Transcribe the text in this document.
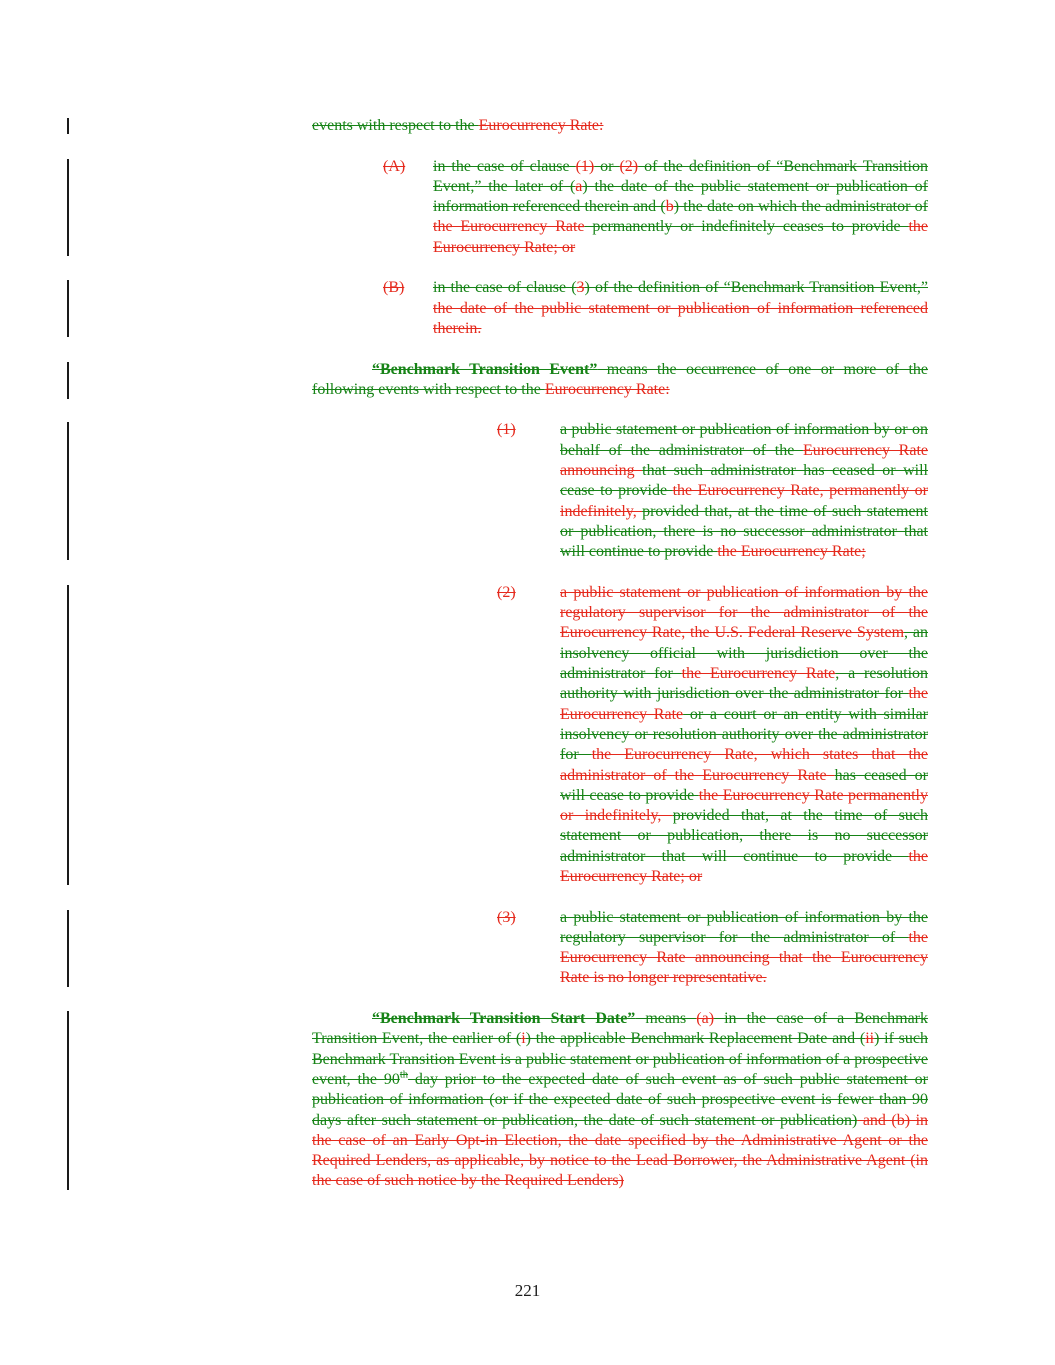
events with respect to the Eurocurrency Rate:

(A) in the case of clause (1) or (2) of the definition of “Benchmark Transition Event,” the later of (a) the date of the public statement or publication of information referenced therein and (b) the date on which the administrator of the Eurocurrency Rate permanently or indefinitely ceases to provide the Eurocurrency Rate; or

(B) in the case of clause (3) of the definition of “Benchmark Transition Event,” the date of the public statement or publication of information referenced therein.

“Benchmark Transition Event” means the occurrence of one or more of the following events with respect to the Eurocurrency Rate:

(1)	a public statement or publication of information by or on behalf of the administrator of the Eurocurrency Rate announcing that such administrator has ceased or will cease to provide the Eurocurrency Rate, permanently or indefinitely, provided that, at the time of such statement or publication, there is no successor administrator that will continue to provide the Eurocurrency Rate;

(2)	a public statement or publication of information by the regulatory supervisor for the administrator of the Eurocurrency Rate, the U.S. Federal Reserve System, an insolvency official with jurisdiction over the administrator for the Eurocurrency Rate, a resolution authority with jurisdiction over the administrator for the Eurocurrency Rate or a court or an entity with similar insolvency or resolution authority over the administrator for the Eurocurrency Rate, which states that the administrator of the Eurocurrency Rate has ceased or will cease to provide the Eurocurrency Rate permanently or indefinitely, provided that, at the time of such statement or publication, there is no successor administrator that will continue to provide the Eurocurrency Rate; or

(3)	a public statement or publication of information by the regulatory supervisor for the administrator of the Eurocurrency Rate announcing that the Eurocurrency Rate is no longer representative.

“Benchmark Transition Start Date” means (a) in the case of a Benchmark Transition Event, the earlier of (i) the applicable Benchmark Replacement Date and (ii) if such Benchmark Transition Event is a public statement or publication of information of a prospective event, the 90th day prior to the expected date of such event as of such public statement or publication of information (or if the expected date of such prospective event is fewer than 90 days after such statement or publication, the date of such statement or publication) and (b) in the case of an Early Opt-in Election, the date specified by the Administrative Agent or the Required Lenders, as applicable, by notice to the Lead Borrower, the Administrative Agent (in the case of such notice by the Required Lenders)

221
